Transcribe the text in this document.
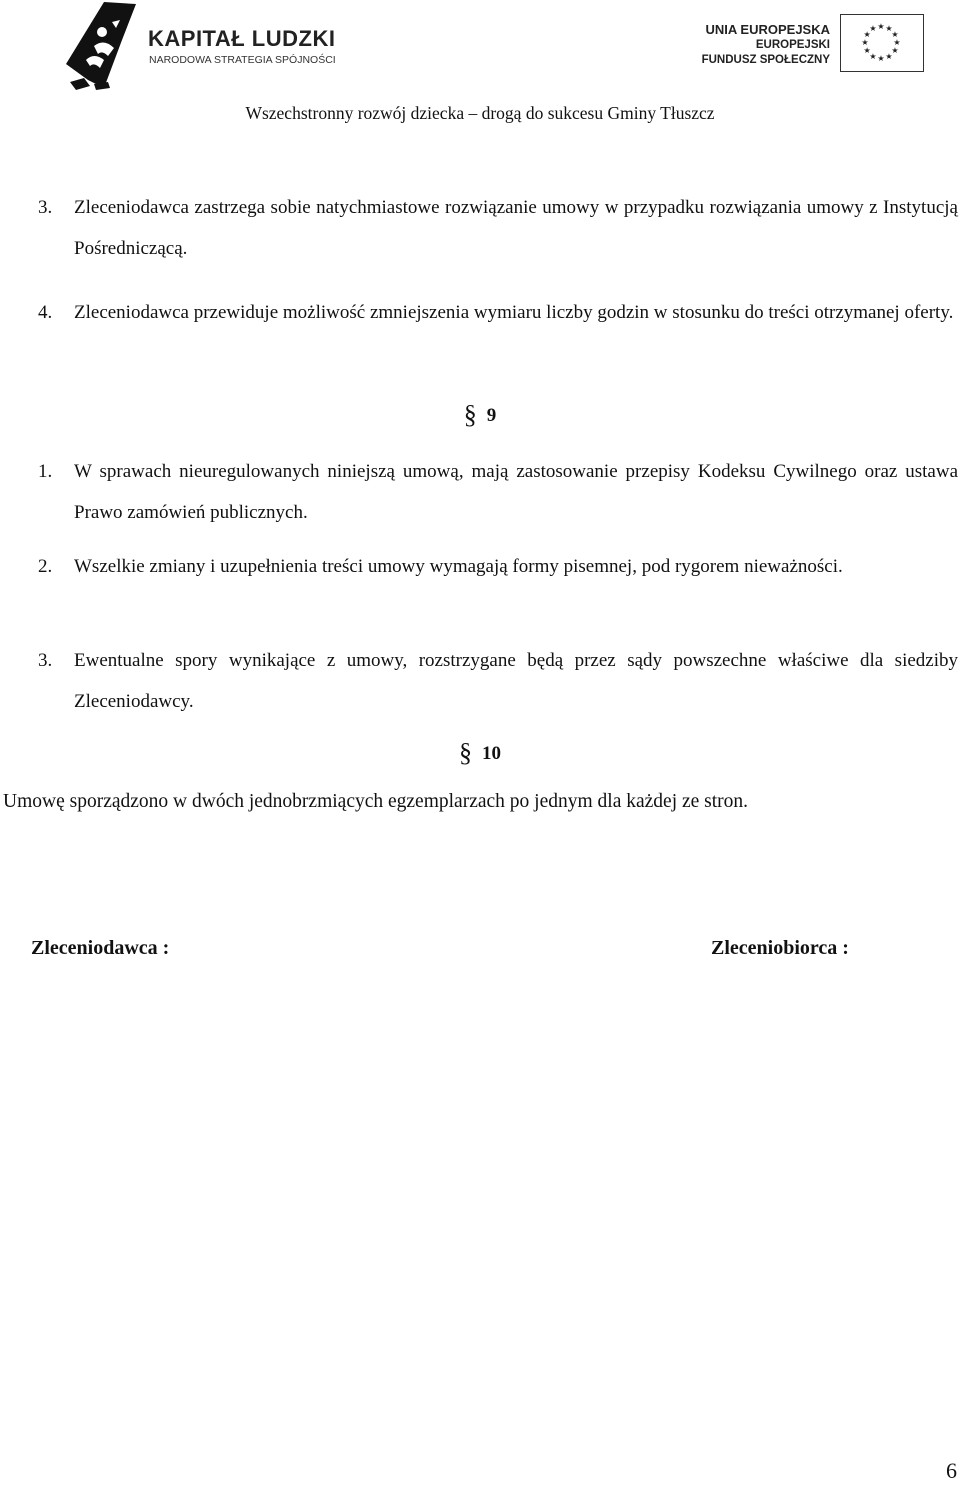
KAPITAŁ LUDZKI
NARODOWA STRATEGIA SPÓJNOŚCI
UNIA EUROPEJSKA
EUROPEJSKI
FUNDUSZ SPOŁECZNY
★ ★
★
★
★
★
★
★
★
★
★
★
Wszechstronny rozwój dziecka – drogą do sukcesu Gminy Tłuszcz
3. Zleceniodawca zastrzega sobie natychmiastowe rozwiązanie umowy w przypadku rozwiązania umowy z Instytucją Pośredniczącą.
4. Zleceniodawca przewiduje możliwość zmniejszenia wymiaru liczby godzin w stosunku do treści otrzymanej oferty.
§ 9
1. W sprawach nieuregulowanych niniejszą umową, mają zastosowanie przepisy Kodeksu Cywilnego oraz ustawa Prawo zamówień publicznych.
2. Wszelkie zmiany i uzupełnienia treści umowy wymagają formy pisemnej, pod rygorem nieważności.
3. Ewentualne spory wynikające z umowy, rozstrzygane będą przez sądy powszechne właściwe dla siedziby Zleceniodawcy.
§ 10
Umowę sporządzono w dwóch jednobrzmiących egzemplarzach po jednym dla każdej ze stron.
Zleceniodawca :	Zleceniobiorca :
6
